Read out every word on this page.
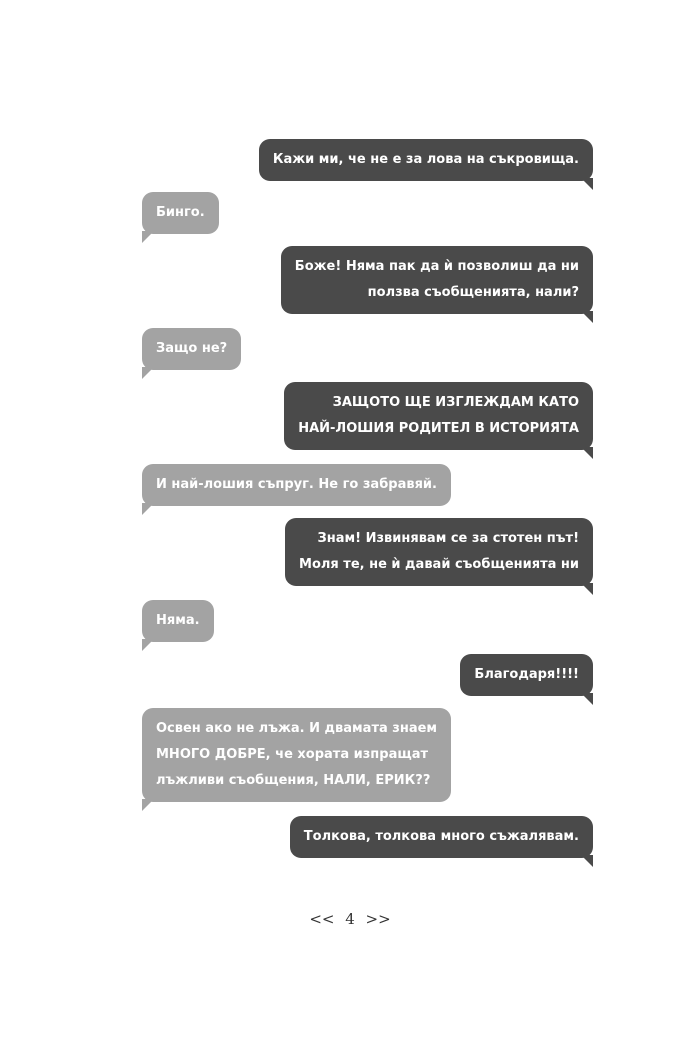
Кажи ми, че не е за лова на съкровища.
Бинго.
Боже! Няма пак да ѝ позволиш да ни
ползва съобщенията, нали?
Защо не?
ЗАЩОТО ЩЕ ИЗГЛЕЖДАМ КАТО
НАЙ-ЛОШИЯ РОДИТЕЛ В ИСТОРИЯТА
И най-лошия съпруг. Не го забравяй.
Знам! Извинявам се за стотен път!
Моля те, не ѝ давай съобщенията ни
Няма.
Благодаря!!!!
Освен ако не лъжа. И двамата знаем
МНОГО ДОБРЕ, че хората изпращат
лъжливи съобщения, НАЛИ, ЕРИК??
Толкова, толкова много съжалявам.
<< 4 >>
